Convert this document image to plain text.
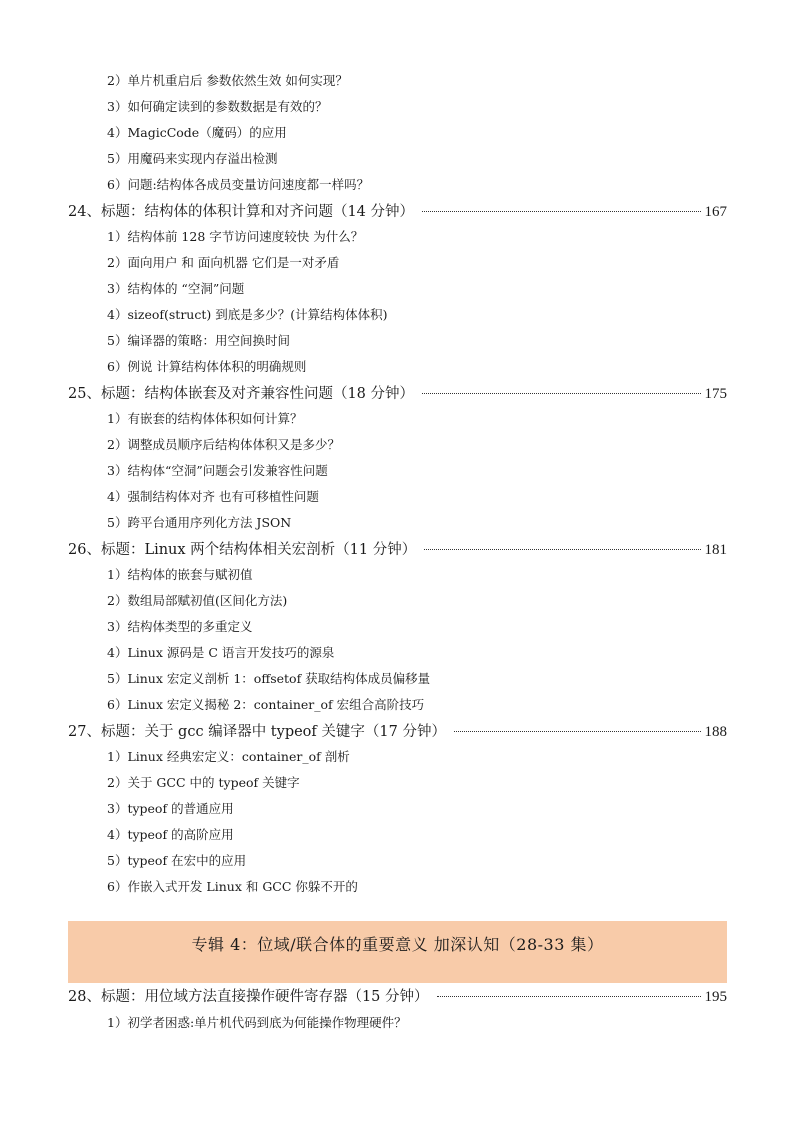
2）单片机重启后 参数依然生效 如何实现？
3）如何确定读到的参数数据是有效的？
4）MagicCode（魔码）的应用
5）用魔码来实现内存溢出检测
6）问题:结构体各成员变量访问速度都一样吗？
24、标题：结构体的体积计算和对齐问题（14 分钟）	167
1）结构体前 128 字节访问速度较快 为什么？
2）面向用户 和 面向机器 它们是一对矛盾
3）结构体的 “空洞”问题
4）sizeof(struct) 到底是多少？(计算结构体体积)
5）编译器的策略：用空间换时间
6）例说 计算结构体体积的明确规则
25、标题：结构体嵌套及对齐兼容性问题（18 分钟）	175
1）有嵌套的结构体体积如何计算？
2）调整成员顺序后结构体体积又是多少？
3）结构体“空洞”问题会引发兼容性问题
4）强制结构体对齐 也有可移植性问题
5）跨平台通用序列化方法 JSON
26、标题：Linux 两个结构体相关宏剖析（11 分钟）	181
1）结构体的嵌套与赋初值
2）数组局部赋初值(区间化方法)
3）结构体类型的多重定义
4）Linux 源码是 C 语言开发技巧的源泉
5）Linux 宏定义剖析 1：offsetof 获取结构体成员偏移量
6）Linux 宏定义揭秘 2：container_of 宏组合高阶技巧
27、标题：关于 gcc 编译器中 typeof 关键字（17 分钟）	188
1）Linux 经典宏定义：container_of 剖析
2）关于 GCC 中的 typeof 关键字
3）typeof 的普通应用
4）typeof 的高阶应用
5）typeof 在宏中的应用
6）作嵌入式开发 Linux 和 GCC 你躲不开的
专辑 4：位域/联合体的重要意义 加深认知（28-33 集）
28、标题：用位域方法直接操作硬件寄存器（15 分钟）	195
1）初学者困惑:单片机代码到底为何能操作物理硬件？
